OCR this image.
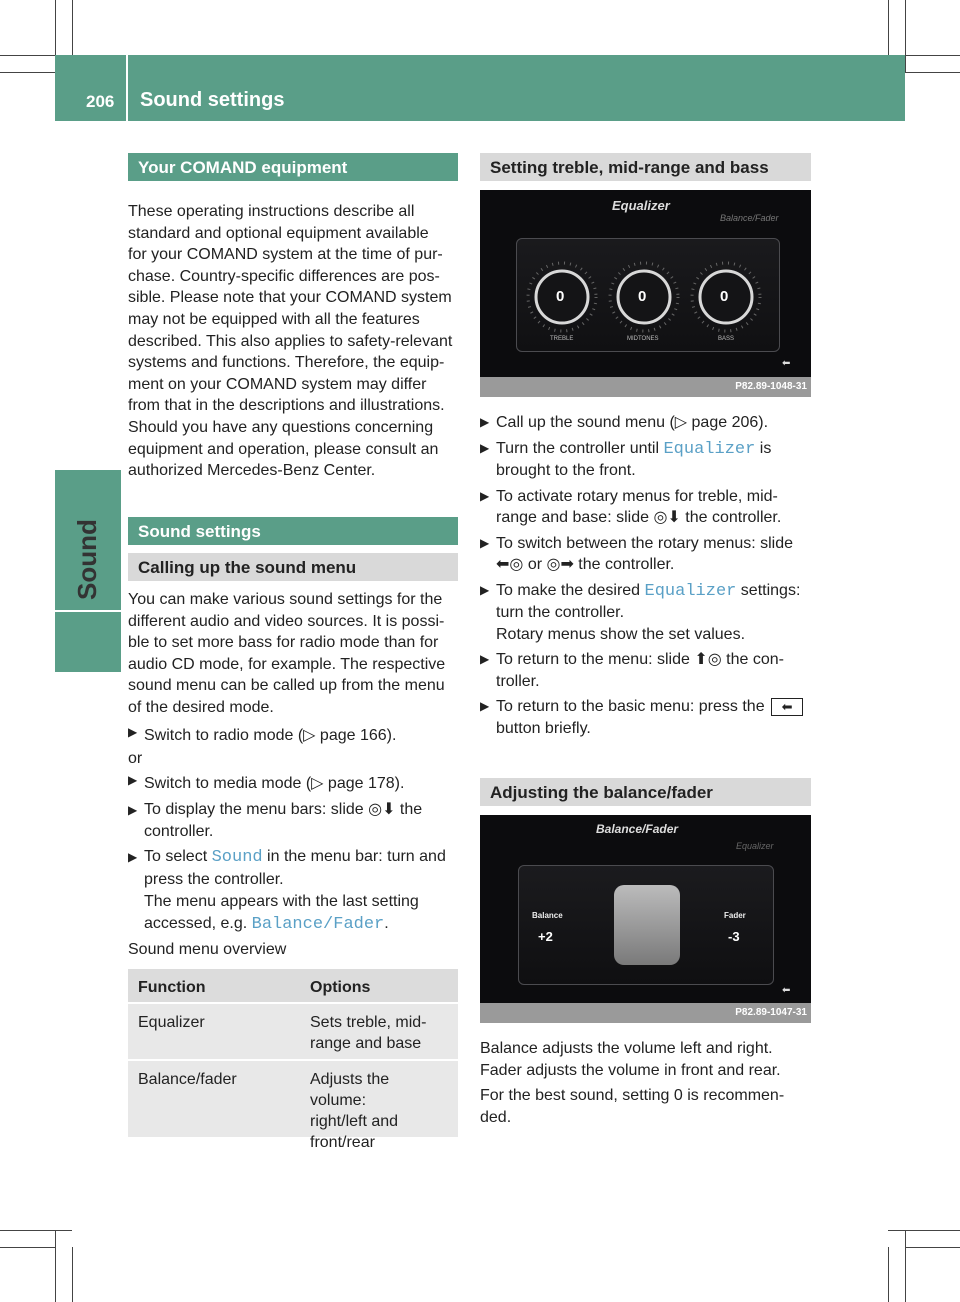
206 Sound settings
Sound
Your COMAND equipment
These operating instructions describe all
standard and optional equipment available
for your COMAND system at the time of pur-
chase. Country-specific differences are pos-
sible. Please note that your COMAND system
may not be equipped with all the features
described. This also applies to safety-relevant
systems and functions. Therefore, the equip-
ment on your COMAND system may differ
from that in the descriptions and illustrations.
Should you have any questions concerning
equipment and operation, please consult an
authorized Mercedes-Benz Center.
Sound settings
Calling up the sound menu
You can make various sound settings for the
different audio and video sources. It is possi-
ble to set more bass for radio mode than for
audio CD mode, for example. The respective
sound menu can be called up from the menu
of the desired mode.
▶ Switch to radio mode (▷ page 166).
or
▶ Switch to media mode (▷ page 178).
▶ To display the menu bars: slide ◎⬇ the
controller.
▶ To select Sound in the menu bar: turn and
press the controller.
The menu appears with the last setting
accessed, e.g. Balance/Fader.
Sound menu overview
Function	Options
Equalizer	Sets treble, mid-
range and base
Balance/fader	Adjusts the volume:
right/left and
front/rear
Setting treble, mid-range and bass
Equalizer
Balance/Fader
0	0	0
TREBLE	MIDTONES	BASS
⬅
P82.89-1048-31
▶ Call up the sound menu (▷ page 206).
▶ Turn the controller until Equalizer is
brought to the front.
▶ To activate rotary menus for treble, mid-
range and base: slide ◎⬇ the controller.
▶ To switch between the rotary menus: slide
⬅◎ or ◎➡ the controller.
▶ To make the desired Equalizer settings:
turn the controller.
Rotary menus show the set values.
▶ To return to the menu: slide ⬆◎ the con-
troller.
▶ To return to the basic menu: press the ⬅
button briefly.
Adjusting the balance/fader
Balance/Fader
Equalizer
Balance
+2
Fader
-3
⬅
P82.89-1047-31
Balance adjusts the volume left and right.
Fader adjusts the volume in front and rear.
For the best sound, setting 0 is recommen-
ded.
